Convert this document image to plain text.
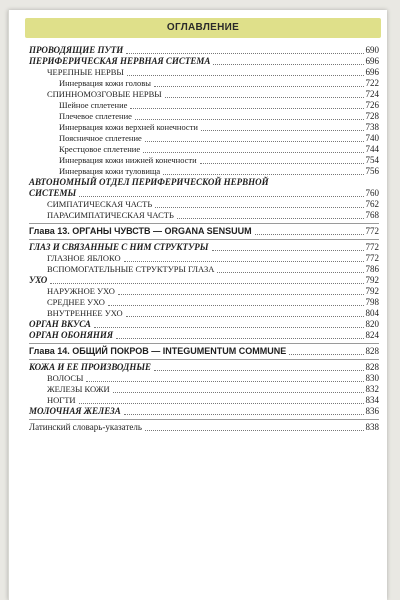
ОГЛАВЛЕНИЕ
ПРОВОДЯЩИЕ ПУТИ	690
ПЕРИФЕРИЧЕСКАЯ НЕРВНАЯ СИСТЕМА	696
ЧЕРЕПНЫЕ НЕРВЫ	696
Иннервация кожи головы	722
СПИННОМОЗГОВЫЕ НЕРВЫ	724
Шейное сплетение	726
Плечевое сплетение	728
Иннервация кожи верхней конечности	738
Поясничное сплетение	740
Крестцовое сплетение	744
Иннервация кожи нижней конечности	754
Иннервация кожи туловища	756
АВТОНОМНЫЙ ОТДЕЛ ПЕРИФЕРИЧЕСКОЙ НЕРВНОЙ
СИСТЕМЫ	760
СИМПАТИЧЕСКАЯ ЧАСТЬ	762
ПАРАСИМПАТИЧЕСКАЯ ЧАСТЬ	768
Глава 13. ОРГАНЫ ЧУВСТВ — ORGANA SENSUUM	772
ГЛАЗ И СВЯЗАННЫЕ С НИМ СТРУКТУРЫ	772
ГЛАЗНОЕ ЯБЛОКО	772
ВСПОМОГАТЕЛЬНЫЕ СТРУКТУРЫ ГЛАЗА	786
УХО	792
НАРУЖНОЕ УХО	792
СРЕДНЕЕ УХО	798
ВНУТРЕННЕЕ УХО	804
ОРГАН ВКУСА	820
ОРГАН ОБОНЯНИЯ	824
Глава 14. ОБЩИЙ ПОКРОВ — INTEGUMENTUM COMMUNE	828
КОЖА И ЕЕ ПРОИЗВОДНЫЕ	828
ВОЛОСЫ	830
ЖЕЛЕЗЫ КОЖИ	832
НОГТИ	834
МОЛОЧНАЯ ЖЕЛЕЗА	836
Латинский словарь-указатель	838
